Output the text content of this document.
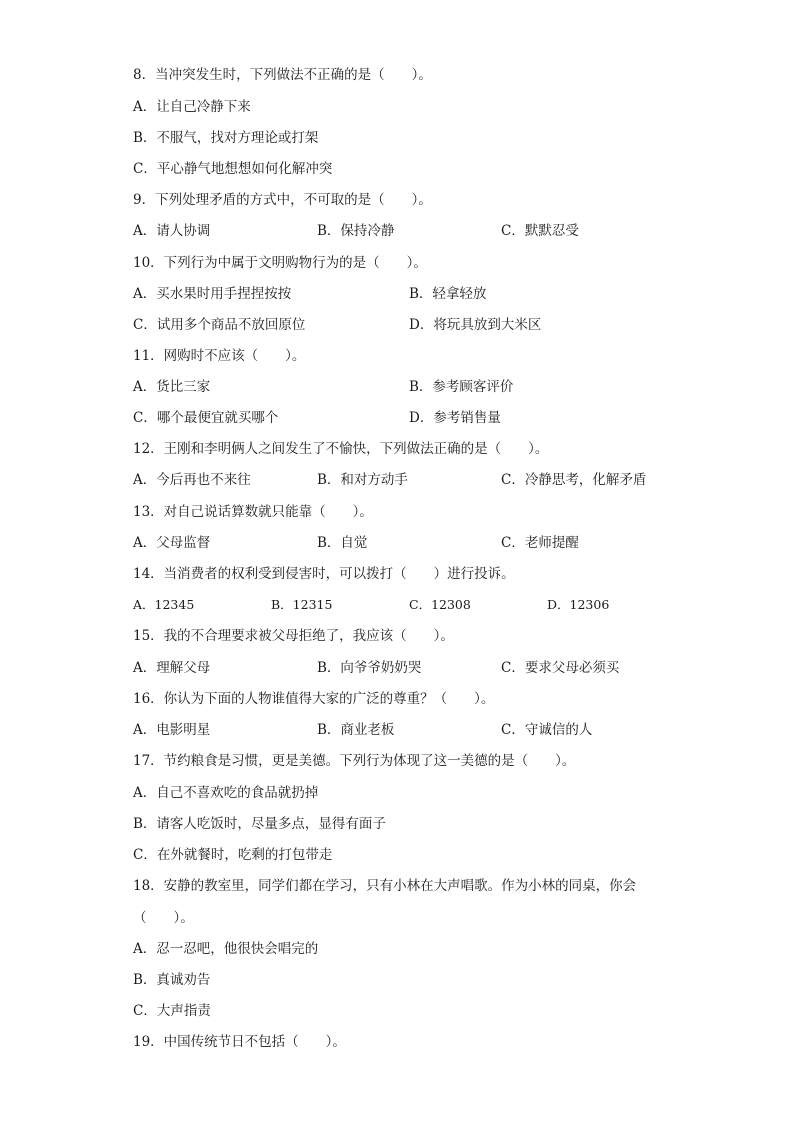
8．当冲突发生时，下列做法不正确的是（　　）。
A．让自己冷静下来
B．不服气，找对方理论或打架
C．平心静气地想想如何化解冲突
9．下列处理矛盾的方式中，不可取的是（　　）。
A．请人协调	B．保持冷静	C．默默忍受
10．下列行为中属于文明购物行为的是（　　）。
A．买水果时用手捏捏按按	B．轻拿轻放
C．试用多个商品不放回原位	D．将玩具放到大米区
11．网购时不应该（　　）。
A．货比三家	B．参考顾客评价
C．哪个最便宜就买哪个	D．参考销售量
12．王刚和李明俩人之间发生了不愉快，下列做法正确的是（　　）。
A．今后再也不来往	B．和对方动手	C．冷静思考，化解矛盾
13．对自己说话算数就只能靠（　　）。
A．父母监督	B．自觉	C．老师提醒
14．当消费者的权利受到侵害时，可以拨打（　　）进行投诉。
A．12345	B．12315	C．12308	D．12306
15．我的不合理要求被父母拒绝了，我应该（　　）。
A．理解父母	B．向爷爷奶奶哭	C．要求父母必须买
16．你认为下面的人物谁值得大家的广泛的尊重？（　　）。
A．电影明星	B．商业老板	C．守诚信的人
17．节约粮食是习惯，更是美德。下列行为体现了这一美德的是（　　）。
A．自己不喜欢吃的食品就扔掉
B．请客人吃饭时，尽量多点，显得有面子
C．在外就餐时，吃剩的打包带走
18．安静的教室里，同学们都在学习，只有小林在大声唱歌。作为小林的同桌，你会
（　　）。
A．忍一忍吧，他很快会唱完的
B．真诚劝告
C．大声指责
19．中国传统节日不包括（　　）。
